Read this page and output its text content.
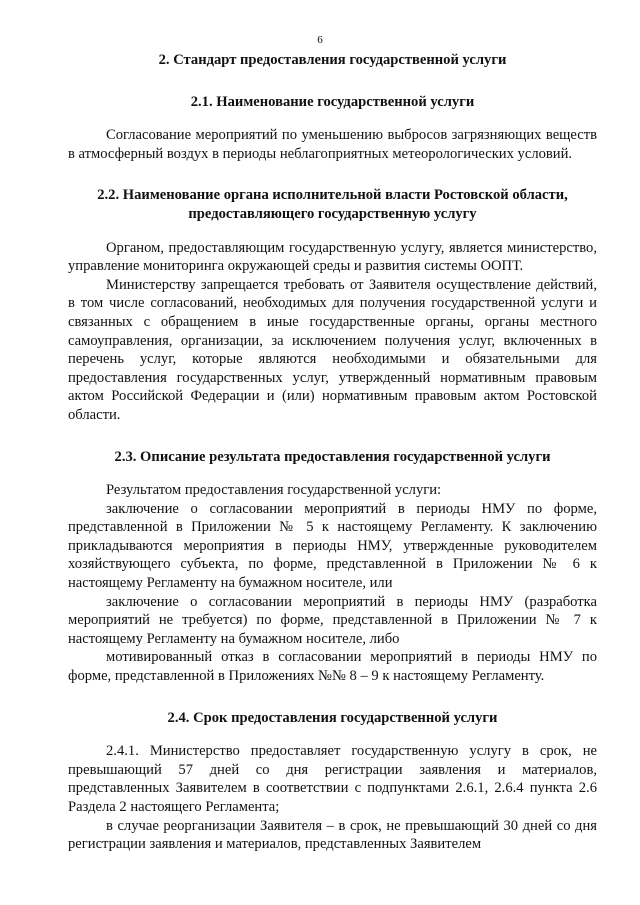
6
2. Стандарт предоставления государственной услуги
2.1. Наименование государственной услуги

Согласование мероприятий по уменьшению выбросов загрязняющих веществ в атмосферный воздух в периоды неблагоприятных метеорологических условий.

2.2. Наименование органа исполнительной власти Ростовской области,
предоставляющего государственную услугу

Органом, предоставляющим государственную услугу, является министерство, управление мониторинга окружающей среды и развития системы ООПТ.

Министерству запрещается требовать от Заявителя осуществление действий, в том числе согласований, необходимых для получения государственной услуги и связанных с обращением в иные государственные органы, органы местного самоуправления, организации, за исключением получения услуг, включенных в перечень услуг, которые являются необходимыми и обязательными для предоставления государственных услуг, утвержденный нормативным правовым актом Российской Федерации и (или) нормативным правовым актом Ростовской области.

2.3. Описание результата предоставления государственной услуги

Результатом предоставления государственной услуги:

заключение о согласовании мероприятий в периоды НМУ по форме, представленной в Приложении № 5 к настоящему Регламенту. К заключению прикладываются мероприятия в периоды НМУ, утвержденные руководителем хозяйствующего субъекта, по форме, представленной в Приложении № 6 к настоящему Регламенту на бумажном носителе, или

заключение о согласовании мероприятий в периоды НМУ (разработка мероприятий не требуется) по форме, представленной в Приложении № 7 к настоящему Регламенту на бумажном носителе, либо

мотивированный отказ в согласовании мероприятий в периоды НМУ по форме, представленной в Приложениях №№ 8 – 9 к настоящему Регламенту.

2.4. Срок предоставления государственной услуги

2.4.1. Министерство предоставляет государственную услугу в срок, не превышающий 57 дней со дня регистрации заявления и материалов, представленных Заявителем в соответствии с подпунктами 2.6.1, 2.6.4 пункта 2.6 Раздела 2 настоящего Регламента;

в случае реорганизации Заявителя – в срок, не превышающий 30 дней со дня регистрации заявления и материалов, представленных Заявителем
